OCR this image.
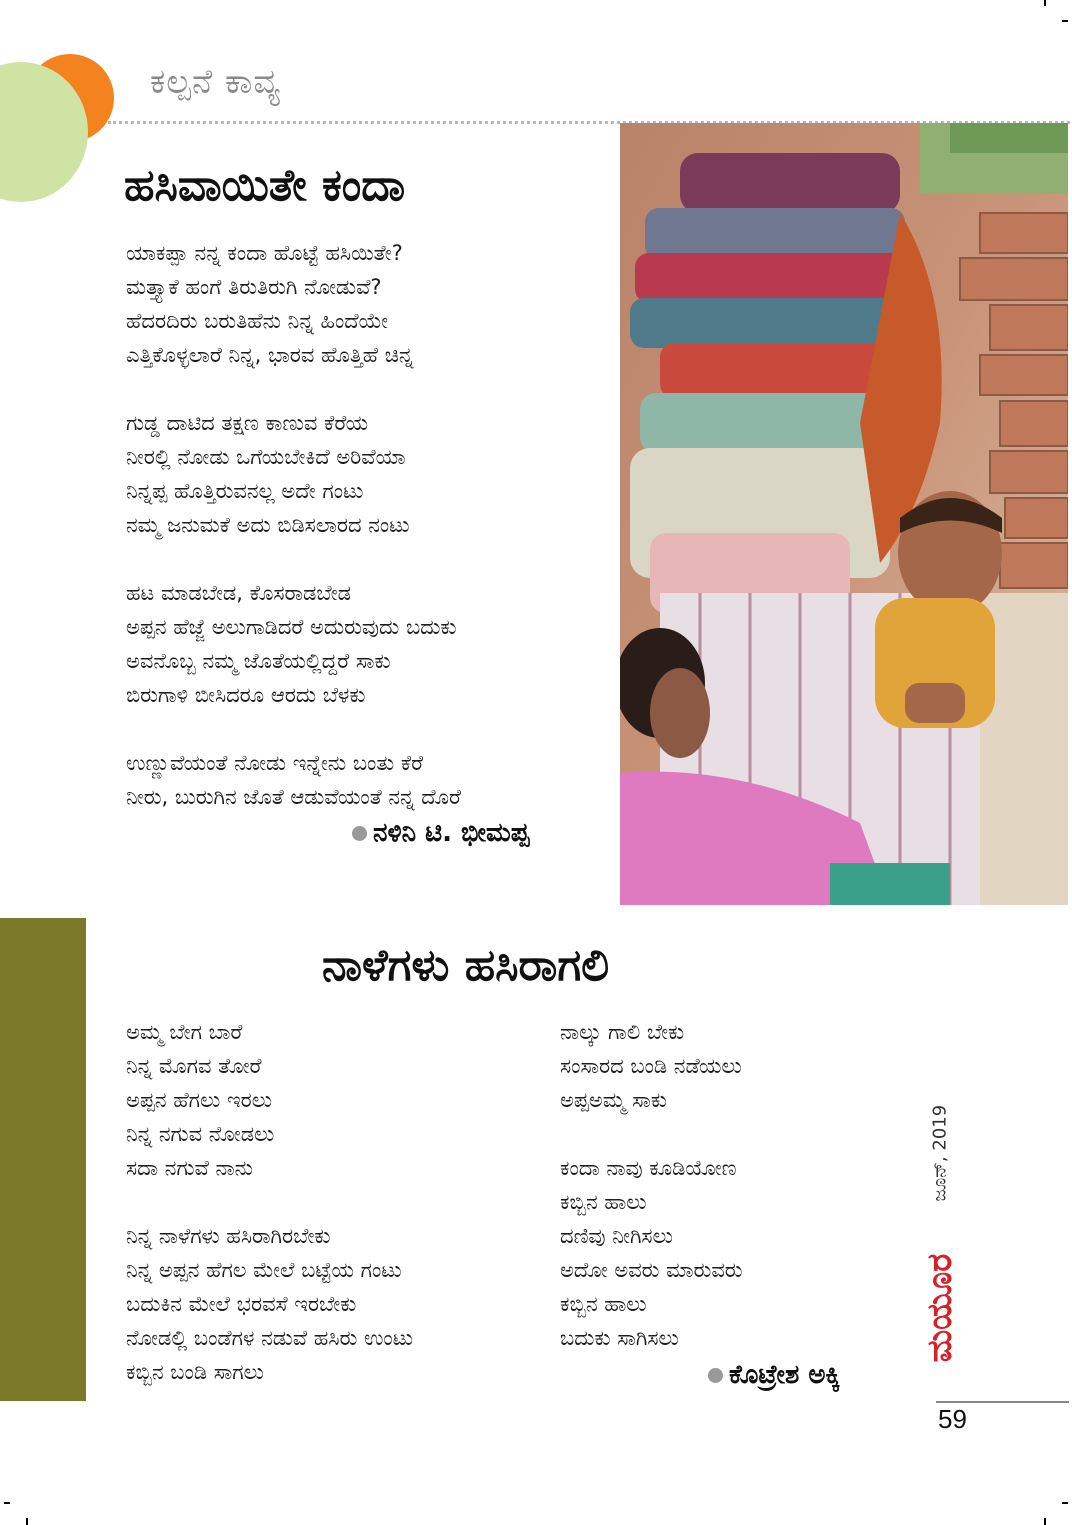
ಕಲ್ಪನೆ ಕಾವ್ಯ
ಹಸಿವಾಯಿತೇ ಕಂದಾ
ಯಾಕಪ್ಪಾ ನನ್ನ ಕಂದಾ ಹೊಟ್ಟೆ ಹಸಿಯಿತೇ?
ಮತ್ತ್ಯಾಕೆ ಹಂಗೆ ತಿರುತಿರುಗಿ ನೋಡುವೆ?
ಹೆದರದಿರು ಬರುತಿಹೆನು ನಿನ್ನ ಹಿಂದೆಯೇ
ಎತ್ತಿಕೊಳ್ಳಲಾರೆ ನಿನ್ನ, ಭಾರವ ಹೊತ್ತಿಹೆ ಚಿನ್ನ
ಗುಡ್ಡ ದಾಟಿದ ತಕ್ಷಣ ಕಾಣುವ ಕೆರೆಯ
ನೀರಲ್ಲಿ ನೋಡು ಒಗೆಯಬೇಕಿದೆ ಅರಿವೆಯಾ
ನಿನ್ನಪ್ಪ ಹೊತ್ತಿರುವನಲ್ಲ ಅದೇ ಗಂಟು
ನಮ್ಮ ಜನುಮಕೆ ಅದು ಬಿಡಿಸಲಾರದ ನಂಟು
ಹಟ ಮಾಡಬೇಡ, ಕೊಸರಾಡಬೇಡ
ಅಪ್ಪನ ಹೆಜ್ಜೆ ಅಲುಗಾಡಿದರೆ ಅದುರುವುದು ಬದುಕು
ಅವನೊಬ್ಬ ನಮ್ಮ ಜೊತೆಯಲ್ಲಿದ್ದರೆ ಸಾಕು
ಬಿರುಗಾಳಿ ಬೀಸಿದರೂ ಆರದು ಬೆಳಕು
ಉಣ್ಣುವೆಯಂತೆ ನೋಡು ಇನ್ನೇನು ಬಂತು ಕೆರೆ
ನೀರು, ಬುರುಗಿನ ಜೊತೆ ಆಡುವೆಯಂತೆ ನನ್ನ ದೊರೆ
ನಳಿನಿ ಟಿ. ಭೀಮಪ್ಪ
ನಾಳೆಗಳು ಹಸಿರಾಗಲಿ
ಅಮ್ಮ ಬೇಗ ಬಾರೆ
ನಿನ್ನ ಮೊಗವ ತೋರೆ
ಅಪ್ಪನ ಹೆಗಲು ಇರಲು
ನಿನ್ನ ನಗುವ ನೋಡಲು
ಸದಾ ನಗುವೆ ನಾನು
ನಿನ್ನ ನಾಳೆಗಳು ಹಸಿರಾಗಿರಬೇಕು
ನಿನ್ನ ಅಪ್ಪನ ಹೆಗಲ ಮೇಲೆ ಬಟ್ಟೆಯ ಗಂಟು
ಬದುಕಿನ ಮೇಲೆ ಭರವಸೆ ಇರಬೇಕು
ನೋಡಲ್ಲಿ ಬಂಡೆಗಳ ನಡುವೆ ಹಸಿರು ಉಂಟು
ಕಬ್ಬಿನ ಬಂಡಿ ಸಾಗಲು
ನಾಲ್ಕು ಗಾಲಿ ಬೇಕು
ಸಂಸಾರದ ಬಂಡಿ ನಡೆಯಲು
ಅಪ್ಪಅಮ್ಮ ಸಾಕು
ಕಂದಾ ನಾವು ಕೂಡಿಯೋಣ
ಕಬ್ಬಿನ ಹಾಲು
ದಣಿವು ನೀಗಿಸಲು
ಅದೋ ಅವರು ಮಾರುವರು
ಕಬ್ಬಿನ ಹಾಲು
ಬದುಕು ಸಾಗಿಸಲು
ಕೊಟ್ರೇಶ ಅಕ್ಕಿ
ಜೂನ್, 2019
ಮಯೂರ
59
